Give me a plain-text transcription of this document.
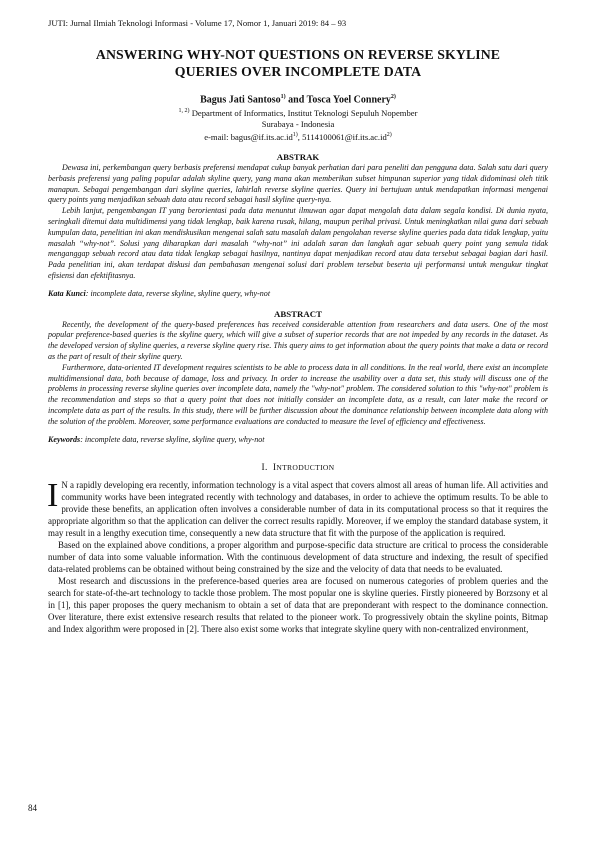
JUTI: Jurnal Ilmiah Teknologi Informasi - Volume 17, Nomor 1, Januari 2019: 84 – 93

ANSWERING WHY-NOT QUESTIONS ON REVERSE SKYLINE
QUERIES OVER INCOMPLETE DATA
Bagus Jati Santoso$^{1)}$ and Tosca Yoel Connery$^{2)}$
$^{1, 2)}$ Department of Informatics, Institut Teknologi Sepuluh Nopember
Surabaya - Indonesia
e-mail: $bagus@if.its.ac.id^{1)}$, $5114100061@if.its.ac.id^{2)}$
ABSTRAK

Dewasa ini, perkembangan query berbasis preferensi mendapat cukup banyak perhatian dari para peneliti dan pengguna data. Salah satu dari query berbasis preferensi yang paling popular adalah skyline query, yang mana akan memberikan subset himpunan superior yang tidak didominasi oleh titik manapun. Sebagai pengembangan dari skyline queries, lahirlah reverse skyline queries. Query ini bertujuan untuk mendapatkan informasi mengenai query points yang menjadikan sebuah data atau record sebagai hasil skyline query-nya.

Lebih lanjut, pengembangan IT yang berorientasi pada data menuntut ilmuwan agar dapat mengolah data dalam segala kondisi. Di dunia nyata, seringkali ditemui data multidimensi yang tidak lengkap, baik karena rusak, hilang, maupun perihal privasi. Untuk meningkatkan nilai guna dari sebuah kumpulan data, penelitian ini akan mendiskusikan mengenai salah satu masalah dalam pengolahan reverse skyline queries pada data tidak lengkap, yaitu masalah “why-not”. Solusi yang diharapkan dari masalah “why-not” ini adalah saran dan langkah agar sebuah query point yang semula tidak menganggap sebuah record atau data tidak lengkap sebagai hasilnya, nantinya dapat menjadikan record atau data tersebut sebagai bagian dari hasil. Pada penelitian ini, akan terdapat diskusi dan pembahasan mengenai solusi dari problem tersebut beserta uji performansi untuk mengukur tingkat efisiensi dan efektifitasnya.

Kata Kunci: incomplete data, reverse skyline, skyline query, why-not
ABSTRACT

Recently, the development of the query-based preferences has received considerable attention from researchers and data users. One of the most popular preference-based queries is the skyline query, which will give a subset of superior records that are not impeded by any records in the dataset. As the developed version of skyline queries, a reverse skyline query rise. This query aims to get information about the query points that make a data or record as the part of result of their skyline query.

Furthermore, data-oriented IT development requires scientists to be able to process data in all conditions. In the real world, there exist an incomplete multidimensional data, both because of damage, loss and privacy. In order to increase the usability over a data set, this study will discuss one of the problems in processing reverse skyline queries over incomplete data, namely the "why-not" problem. The considered solution to this "why-not" problem is the recommendation and steps so that a query point that does not initially consider an incomplete data, as a result, can later make the record or incomplete data as part of the results. In this study, there will be further discussion about the dominance relationship between incomplete data along with the solution of the problem. Moreover, some performance evaluations are conducted to measure the level of efficiency and effectiveness.

Keywords: incomplete data, reverse skyline, skyline query, why-not
I. INTRODUCTION

I N a rapidly developing era recently, information technology is a vital aspect that covers almost all areas of human life. All activities and community works have been integrated recently with technology and databases, in order to achieve the optimum results. To be able to provide these benefits, an application often involves a considerable number of data in its computational process so that it requires the appropriate algorithm so that the application can deliver the correct results rapidly. Moreover, if we employ the standard database system, it may result in a lengthy execution time, consequently a new data structure that fit with the purpose of the application is required.

Based on the explained above conditions, a proper algorithm and purpose-specific data structure are critical to process the considerable number of data into some valuable information. With the continuous development of data structure and indexing, the result of specified data-related problems can be obtained without being constrained by the size and the velocity of data that needs to be evaluated.

Most research and discussions in the preference-based queries area are focused on numerous categories of problem queries and the search for state-of-the-art technology to tackle those problem. The most popular one is skyline queries. Firstly pioneered by Borzsony et al in [1], this paper proposes the query mechanism to obtain a set of data that are preponderant with respect to the dominance connection. Over literature, there exist extensive research results that related to the pioneer work. To progressively obtain the skyline points, Bitmap and Index algorithm were proposed in [2]. There also exist some works that integrate skyline query with non-centralized environment,

84
